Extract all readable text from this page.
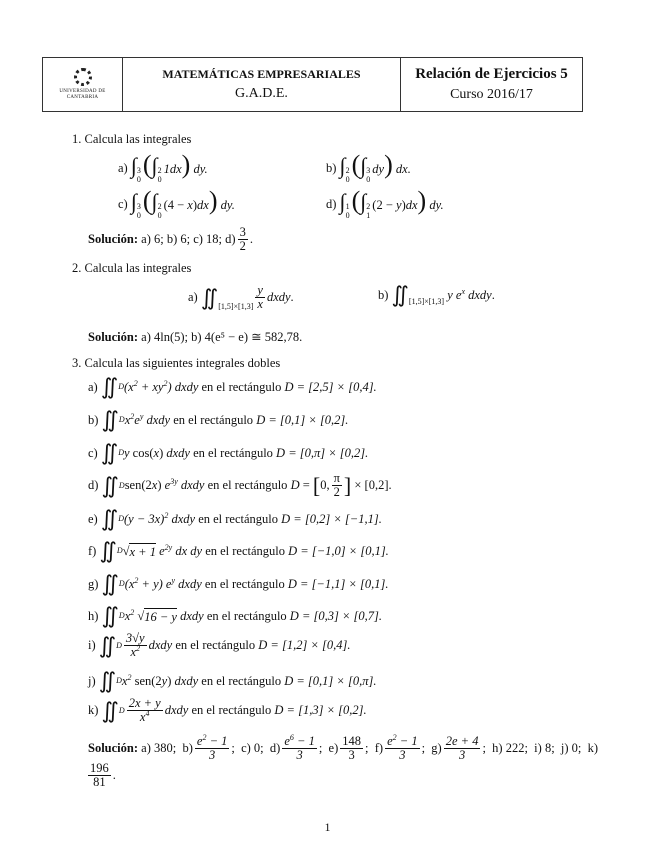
UNIVERSIDAD DE CANTABRIA
MATEMÁTICAS EMPRESARIALES
G.A.D.E.
Relación de Ejercicios 5
Curso 2016/17
1.
Calcula las integrales
a)
∫ 3
0
(∫ 2
0
1dx) dy.	b)
∫ 2
0
(∫ 3
0
dy) dx.
c)
∫ 3
0
(∫ 2
0
(4 − x)dx) dy.	d)
∫ 1
0
(∫ 2
1
(2 − y)dx) dy.
Solución:
a) 6; b) 6; c) 18; $d) \frac{3}{2}$ .
2.
Calcula las integrales
a)
∬ $[1,5]\times[1,3] \frac{y}{x}$ dxdy .	b)
∬ [1,5]×[1,3]
y $e^x$ dxdy .
Solución:
a) 4ln(5); b) 4(e⁵ − e) ≅ 582,78.
3.
Calcula las siguientes integrales dobles
a)
∬ D $(x^2 + xy^2)$ dxdy
en el rectángulo
D = [2,5] × [0,4].
b)
∬ D $x^2e^y$ dxdy
en el rectángulo
D = [0,1] × [0,2].
c)
∬ D y
cos( x )
dxdy
en el rectángulo
D = [0,π] × [0,2].
d)
∬ D sen(2 x )
$e^{3y}$ dxdy
en el rectángulo
D = [ 0, $\frac{\pi}{2}$ ]
× [0,2].
e)
∬ D $(y - 3x)^2$ dxdy
en el rectángulo
D = [0,2] × [−1,1].
f)
∬ D √ x + 1
$e^{2y}$ dx dy
en el rectángulo
D = [−1,0] × [0,1].
g)
∬ D $(x^2 + y)$ $e^y$ dxdy
en el rectángulo
D = [−1,1] × [0,1].
h)
∬ D $x^2$
√ 16 − y
dxdy
en el rectángulo
D = [0,3] × [0,7].
i)
∬ D $\frac{3√y}{x^2}$ dxdy
en el rectángulo
D = [1,2] × [0,4].
j)
∬ D $x^2$
sen(2 y )
dxdy
en el rectángulo
D = [0,1] × [0,π].
k)
∬ D $\frac{2x + y}{x^4}$ dxdy
en el rectángulo
D = [1,3] × [0,2].
Solución: a) 380;  $b) \frac{e^2 - 1}{3}$ ;  c) 0;  $d) \frac{e^6 - 1}{3}$ ;  $e) \frac{148}{3}$ ;  $f) \frac{e^2 - 1}{3}$ ;  $g) \frac{2e + 4}{3}$ ;  h) 222;  i) 8;  j) 0;  k)
$\frac{196}{81}$ .
1
